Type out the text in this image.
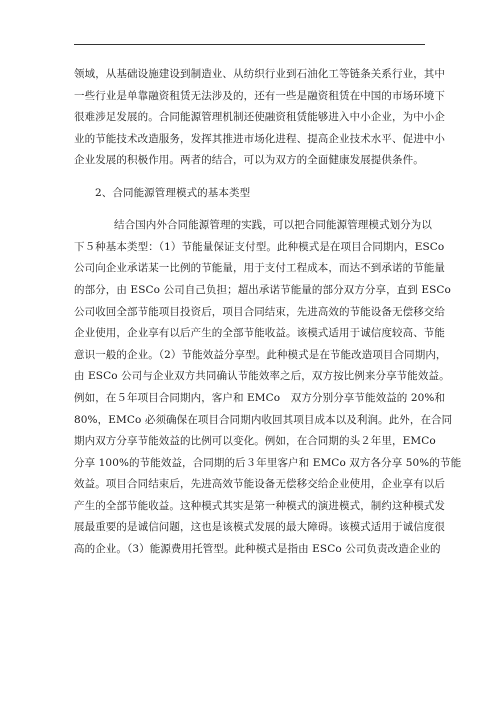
领域，从基础设施建设到制造业、从纺织行业到石油化工等链条关系行业，其中
一些行业是单靠融资租赁无法涉及的，还有一些是融资租赁在中国的市场环境下
很难涉足发展的。合同能源管理机制还使融资租赁能够进入中小企业，为中小企
业的节能技术改造服务，发挥其推进市场化进程、提高企业技术水平、促进中小
企业发展的积极作用。两者的结合，可以为双方的全面健康发展提供条件。
2、合同能源管理模式的基本类型
结合国内外合同能源管理的实践，可以把合同能源管理模式划分为以
下５种基本类型：（1）节能量保证支付型。此种模式是在项目合同期内，ESCo
公司向企业承诺某一比例的节能量，用于支付工程成本，而达不到承诺的节能量
的部分，由 ESCo 公司自己负担；超出承诺节能量的部分双方分享，直到 ESCo
公司收回全部节能项目投资后，项目合同结束，先进高效的节能设备无偿移交给
企业使用，企业享有以后产生的全部节能收益。该模式适用于诚信度较高、节能
意识一般的企业。（2）节能效益分享型。此种模式是在节能改造项目合同期内，
由 ESCo 公司与企业双方共同确认节能效率之后，双方按比例来分享节能效益。
例如，在５年项目合同期内，客户和 EMCo　双方分别分享节能效益的 20%和
80%，EMCo 必须确保在项目合同期内收回其项目成本以及利润。此外，在合同
期内双方分享节能效益的比例可以变化。例如，在合同期的头２年里，EMCo
分享 100%的节能效益，合同期的后３年里客户和 EMCo 双方各分享 50%的节能
效益。项目合同结束后，先进高效节能设备无偿移交给企业使用，企业享有以后
产生的全部节能收益。这种模式其实是第一种模式的演进模式，制约这种模式发
展最重要的是诚信问题，这也是该模式发展的最大障碍。该模式适用于诚信度很
高的企业。（3）能源费用托管型。此种模式是指由 ESCo 公司负责改造企业的
